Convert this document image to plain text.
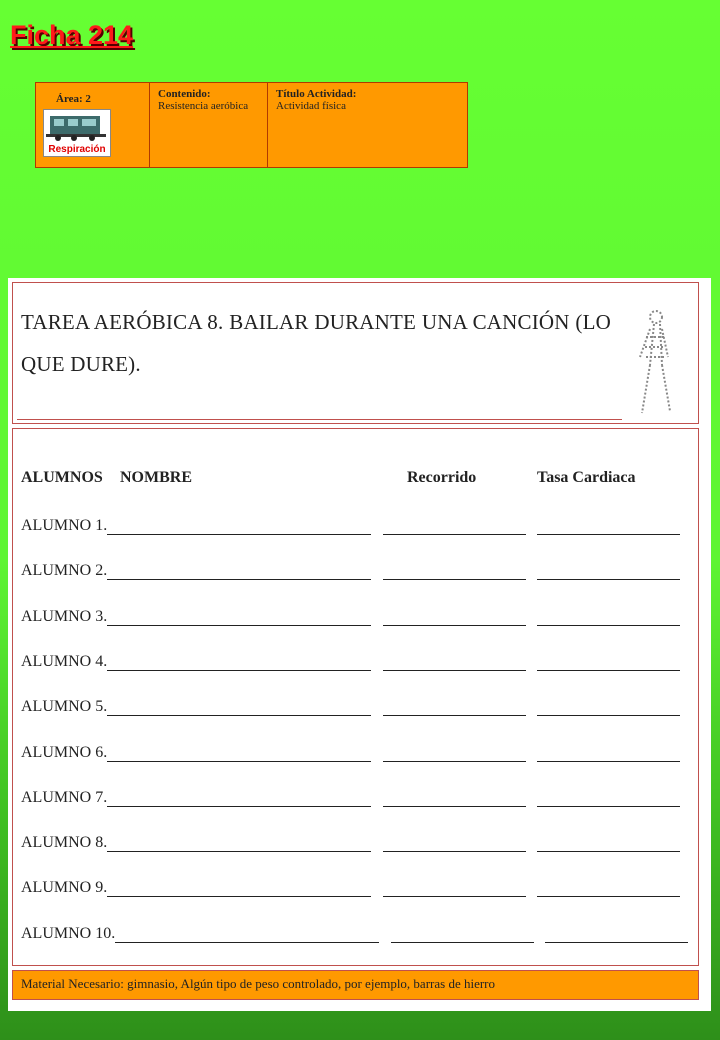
Ficha 214
Área: 2
Respiración
Contenido:
Resistencia aeróbica
Título Actividad:
Actividad física
TAREA AERÓBICA 8. BAILAR DURANTE UNA CANCIÓN (LO QUE DURE).
ALUMNOS NOMBRE	Recorrido	Tasa Cardiaca
ALUMNO 1.
ALUMNO 2.
ALUMNO 3.
ALUMNO 4.
ALUMNO 5.
ALUMNO 6.
ALUMNO 7.
ALUMNO 8.
ALUMNO 9.
ALUMNO 10.
Material Necesario: gimnasio, Algún tipo de peso controlado, por ejemplo, barras de hierro
